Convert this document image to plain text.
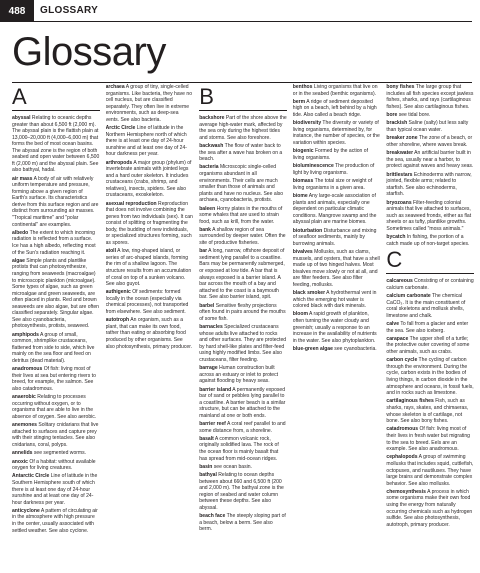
488	GLOSSARY
Glossary
A

abyssal Relating to oceanic depths greater than about 6,500 ft (2,000 m). The abyssal plain is the flattish plain at 13,000–20,000 ft (4,000–6,000 m) that forms the bed of most ocean basins. The abyssal zone is the region of both seabed and open water between 6,500 ft (2,000 m) and the abyssal plain. See also bathyal, hadal.

air mass A body of air with relatively uniform temperature and pressure, forming above a given region of Earth's surface. Its characteristics derive from this surface region and are distinct from surrounding air masses. "Tropical maritime" and "polar continental" are examples.

albedo The extent to which incoming radiation is reflected from a surface. Ice has a high albedo, reflecting most of the Sun's radiation reaching it.

algae Simple plants and plantlike protists that can photosynthesize, ranging from seaweeds (macroalgae) to microscopic plankton (microalgae). Some types of algae, such as green microalgae and green seaweeds, are often placed in plants. Red and brown seaweeds are also algae, but are often classified separately. Singular algae. See also cyanobacteria, photosynthesis, protists, seaweed.

amphipods A group of small, common, shrimplike crustaceans, flattened from side to side, which live mainly on the sea floor and feed on detritus (dead material).

anadromous Of fish: living most of their lives at sea but entering rivers to breed, for example, the salmon. See also catadromous.

anaerobic Relating to processes occurring without oxygen, or to organisms that are able to live in the absence of oxygen. See also aerobic.

anemones Solitary cnidarians that live attached to surfaces and capture prey with their stinging tentacles. See also cnidarians, coral, polyps.

annelids see segmented worms.

anoxic Of a habitat: without available oxygen for living creatures.

Antarctic Circle Line of latitude in the Southern Hemisphere south of which there is at least one day of 24-hour sunshine and at least one day of 24-hour darkness per year.

anticyclone A pattern of circulating air in the atmosphere with high pressure in the center, usually associated with settled weather. See also cyclone.

archaea A group of tiny, single-celled organisms. Like bacteria, they have no cell nucleus, but are classified separately. They often live in extreme environments, such as deep-sea vents. See also bacteria.

Arctic Circle Line of latitude in the Northern Hemisphere north of which there is at least one day of 24-hour sunshine and at least one day of 24-hour darkness per year.

arthropods A major group (phylum) of invertebrate animals with jointed legs and a hard outer skeleton. It includes crustaceans (crabs, shrimp, and relatives), insects, spiders. See also crustaceans, exoskeleton.

asexual reproduction Reproduction that does not involve combining the genes from two individuals (sex). It can consist of splitting or fragmenting the body, the budding of new individuals, or specialized structures forming, such as spores.

atoll A low, ring-shaped island, or series of arc-shaped islands, forming the rim of a shallow lagoon. The structure results from an accumulation of coral on top of a sunken volcano. See also guyot.

authigenic Of sediments: formed locally in the ocean (especially via chemical processes), not transported from elsewhere. See also sediment.

autotroph An organism, such as a plant, that can make its own food, rather than eating or absorbing food produced by other organisms. See also photosynthesis, primary producer.

B

backshore Part of the shore above the average high-water mark, affected by the sea only during the highest tides and storms. See also foreshore.

backwash The flow of water back to the sea after a wave has broken on a beach.

bacteria Microscopic single-celled organisms abundant in all environments. Their cells are much smaller than those of animals and plants and have no nucleus. See also archaea, cyanobacteria, protists.

baleen Horny plates in the mouths of some whales that are used to strain food, such as krill, from the water.

bank A shallow region of sea surrounded by deeper water. Often the site of productive fisheries.

bar A long, narrow, offshore deposit of sediment lying parallel to a coastline. Bars may be permanently submerged, or exposed at low tide. A bar that is always exposed is a barrier island. A bar across the mouth of a bay and attached to the coast is a baymouth bar. See also barrier island, spit.

barbel Sensitive fleshy projections often found in pairs around the mouths of some fish.

barnacles Specialized crustaceans whose adults live attached to rocks and other surfaces. They are protected by hard shell-like plates and filter-feed using highly modified limbs. See also crustaceans, filter feeding.

barrage Human construction built across an estuary or inlet to protect against flooding by heavy seas.

barrier island A permanently exposed bar of sand or pebbles lying parallel to a coastline. A barrier beach is a similar structure, but can be attached to the mainland at one or both ends.

barrier reef A coral reef parallel to and some distance from, a shoreline.

basalt A common volcanic rock, originally solidified lava. The rock of the ocean floor is mainly basalt that has spread from mid-ocean ridges.

basin see ocean basin.

bathyal Relating to ocean depths between about 660 and 6,500 ft (200 and 2,000 m). The bathyal zone is the region of seabed and water column between these depths. See also abyssal.

beach face The steeply sloping part of a beach, below a berm. See also berm.

benthos Living organisms that live on or in the seabed (benthic organisms).

berm A ridge of sediment deposited high on a beach, left behind by a high tide. Also called a beach ridge.

biodiversity The diversity or variety of living organisms, determined by, for instance, the number of species, or the variation within species.

biogenic Formed by the action of living organisms.

bioluminescence The production of light by living organisms.

biomass The total size or weight of living organisms in a given area.

biome Any large-scale association of plants and animals, especially one dependent on particular climatic conditions. Mangrove swamp and the abyssal plain are marine biomes.

bioturbation Disturbance and mixing of seafloor sediments, mainly by burrowing animals.

bivalves Mollusks, such as clams, mussels, and oysters, that have a shell made up of two hinged halves. Most bivalves move slowly or not at all, and are filter feeders. See also filter feeding, mollusks.

black smoker A hydrothermal vent in which the emerging hot water is colored black with dark minerals.

bloom A rapid growth of plankton, often turning the water cloudy and greenish; usually a response to an increase in the availability of nutrients in the water. See also phytoplankton.

blue-green algae see cyanobacteria.

bony fishes The large group that includes all fish species except jawless fishes, sharks, and rays (cartilaginous fishes). See also cartilaginous fishes.

bore see tidal bore.

brackish Saline (salty) but less salty than typical ocean water.

breaker zone The zone of a beach, or other shoreline, where waves break.

breakwater An artificial barrier built in the sea, usually near a harbor, to protect against waves and heavy seas.

brittlestars Echinoderms with narrow, jointed, flexible arms; related to starfish. See also echinoderms, starfish.

bryozoans Filter-feeding colonial animals that live attached to surfaces, such as seaweed fronds, either as flat sheets or as tufty, plantlike growths. Sometimes called "moss animals."

bycatch In fishing, the portion of a catch made up of non-target species.

C

calcareous Consisting of or containing calcium carbonate.

calcium carbonate The chemical CaCO₃. It is the main constituent of coral skeletons and mollusk shells, limestone and chalk.

calve To fall from a glacier and enter the sea. See also iceberg.

carapace The upper shell of a turtle; the protective outer covering of some other animals, such as crabs.

carbon cycle The cycling of carbon through the environment. During the cycle, carbon exists in the bodies of living things, in carbon dioxide in the atmosphere and oceans, in fossil fuels, and in rocks such as limestone.

cartilaginous fishes Fish, such as sharks, rays, skates, and chimaeras, whose skeleton is of cartilage, not bone. See also bony fishes.

catadromous Of fish: living most of their lives in fresh water but migrating to the sea to breed. Eels are an example. See also anadromous.

cephalopods A group of swimming mollusks that includes squid, cuttlefish, octopuses, and nautiluses. They have large brains and demonstrate complex behavior. See also mollusks.

chemosynthesis A process in which some organisms make their own food using the energy from naturally occurring chemicals such as hydrogen sulfide. See also photosynthesis, autotroph, primary producer.
